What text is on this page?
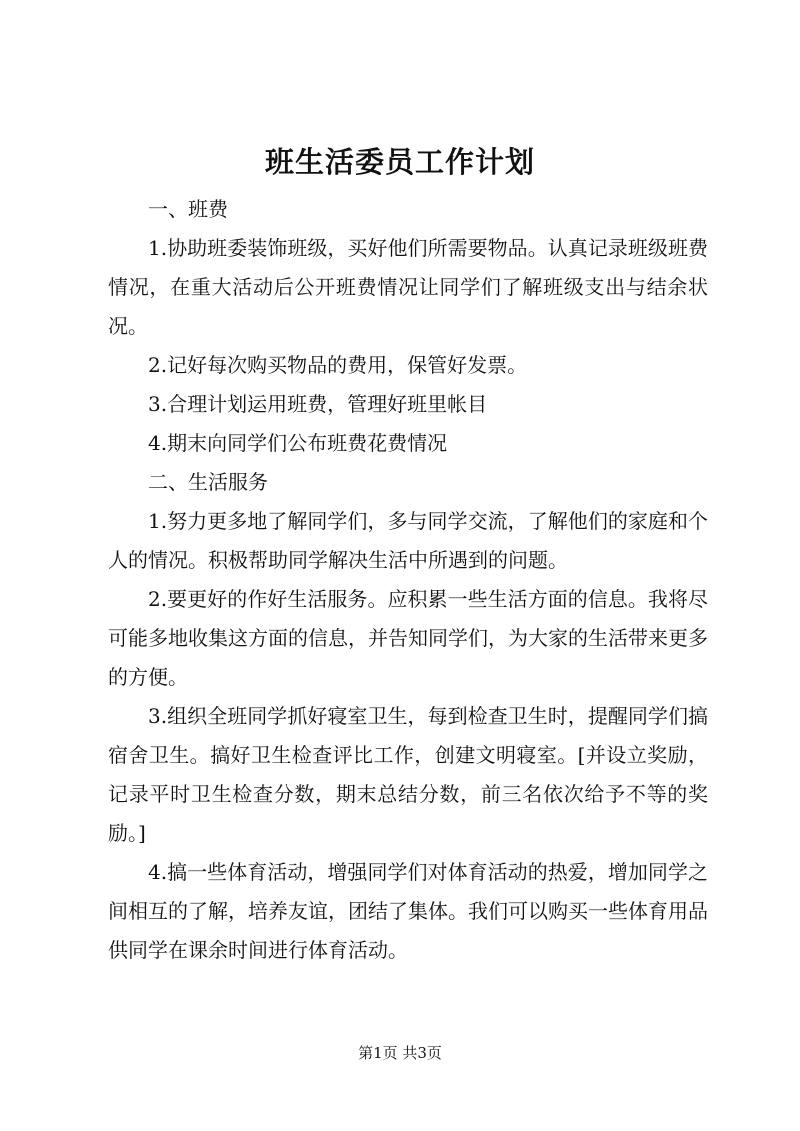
班生活委员工作计划

一、班费

1.协助班委装饰班级，买好他们所需要物品。认真记录班级班费情况，在重大活动后公开班费情况让同学们了解班级支出与结余状况。

2.记好每次购买物品的费用，保管好发票。

3.合理计划运用班费，管理好班里帐目

4.期末向同学们公布班费花费情况

二、生活服务

1.努力更多地了解同学们，多与同学交流，了解他们的家庭和个人的情况。积极帮助同学解决生活中所遇到的问题。

2.要更好的作好生活服务。应积累一些生活方面的信息。我将尽可能多地收集这方面的信息，并告知同学们，为大家的生活带来更多的方便。

3.组织全班同学抓好寝室卫生，每到检查卫生时，提醒同学们搞宿舍卫生。搞好卫生检查评比工作，创建文明寝室。[并设立奖励，记录平时卫生检查分数，期末总结分数，前三名依次给予不等的奖励。]

4.搞一些体育活动，增强同学们对体育活动的热爱，增加同学之间相互的了解，培养友谊，团结了集体。我们可以购买一些体育用品供同学在课余时间进行体育活动。

第1页 共3页
